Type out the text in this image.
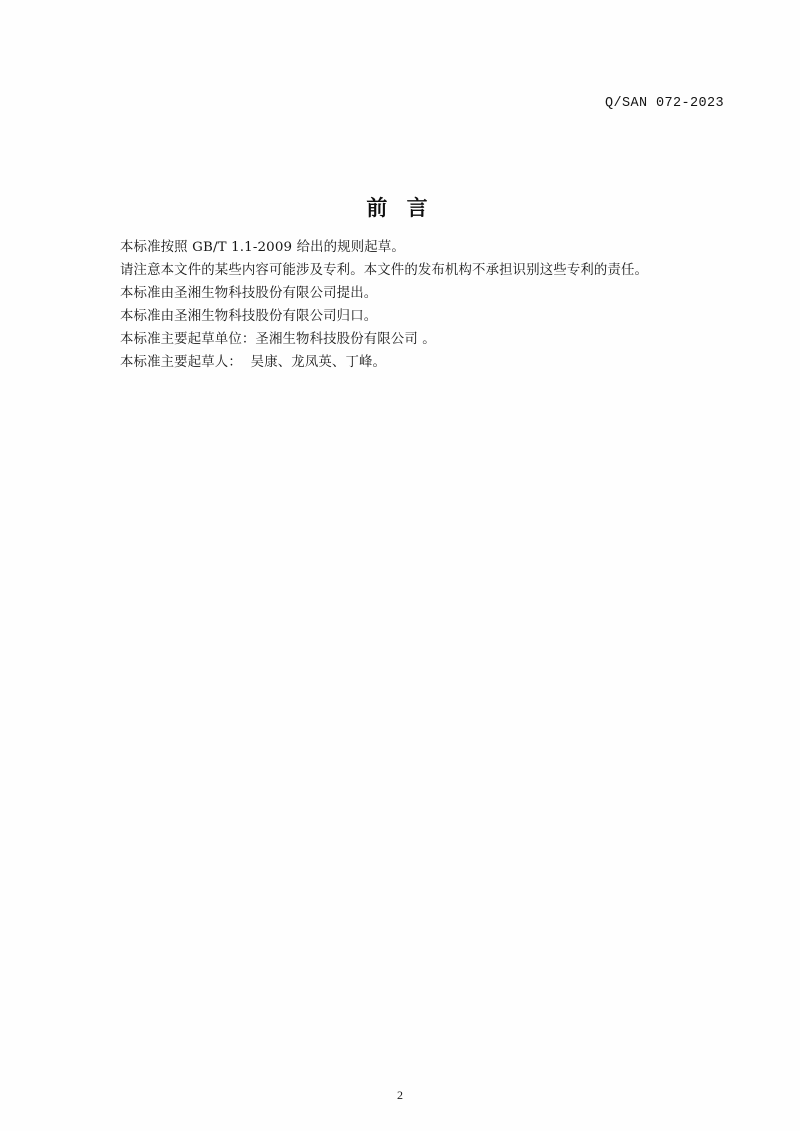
Q/SAN 072-2023
前 言

本标准按照 GB/T 1.1-2009 给出的规则起草。

请注意本文件的某些内容可能涉及专利。本文件的发布机构不承担识别这些专利的责任。

本标准由圣湘生物科技股份有限公司提出。

本标准由圣湘生物科技股份有限公司归口。

本标准主要起草单位：圣湘生物科技股份有限公司 。

本标准主要起草人：  吴康、龙凤英、丁峰。

2
